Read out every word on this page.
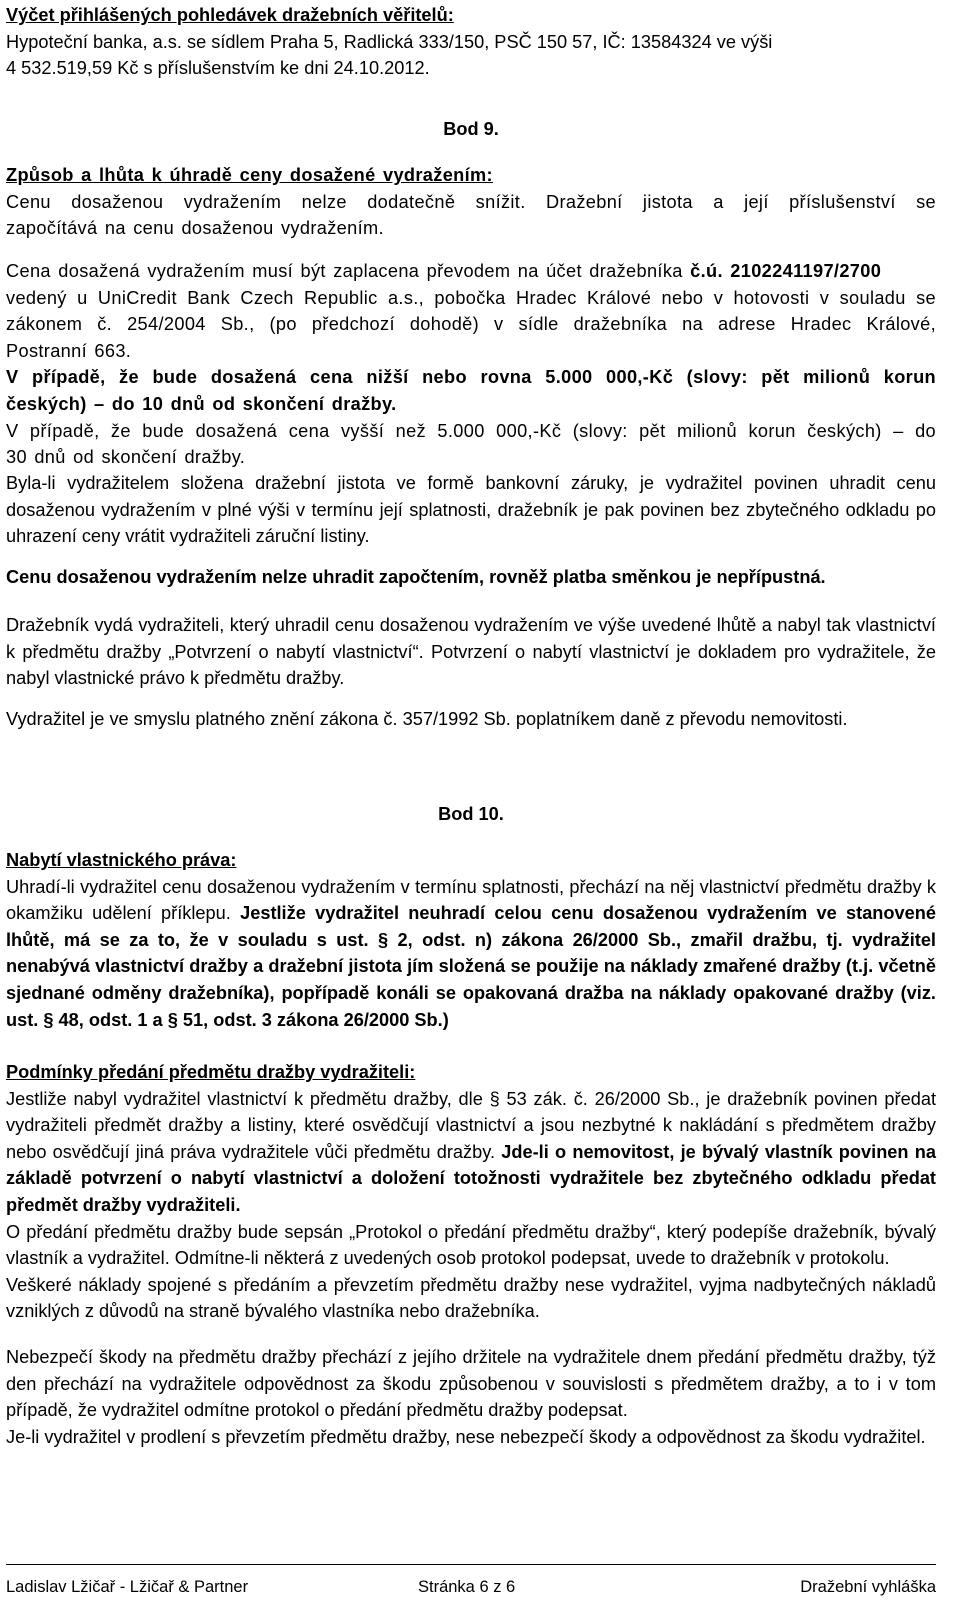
Výčet přihlášených pohledávek dražebních věřitelů:
Hypoteční banka, a.s. se sídlem Praha 5, Radlická 333/150, PSČ 150 57, IČ: 13584324 ve výši
4 532.519,59 Kč s příslušenstvím ke dni 24.10.2012.
Bod 9.
Způsob a lhůta k úhradě ceny dosažené vydražením:
Cenu dosaženou vydražením nelze dodatečně snížit. Dražební jistota a její příslušenství se
započítává na cenu dosaženou vydražením.
Cena dosažená vydražením musí být zaplacena převodem na účet dražebníka č.ú. 2102241197/2700
vedený u UniCredit Bank Czech Republic a.s., pobočka Hradec Králové nebo v hotovosti v souladu se
zákonem č. 254/2004 Sb., (po předchozí dohodě) v sídle dražebníka na adrese Hradec Králové,
Postranní 663.
V případě, že bude dosažená cena nižší nebo rovna 5.000 000,-Kč (slovy: pět milionů korun
českých) – do 10 dnů od skončení dražby.
V případě, že bude dosažená cena vyšší než 5.000 000,-Kč (slovy: pět milionů korun českých) – do
30 dnů od skončení dražby.
Byla-li vydražitelem složena dražební jistota ve formě bankovní záruky, je vydražitel povinen uhradit cenu dosaženou vydražením v plné výši v termínu její splatnosti, dražebník je pak povinen bez zbytečného odkladu po uhrazení ceny vrátit vydražiteli záruční listiny.
Cenu dosaženou vydražením nelze uhradit započtením, rovněž platba směnkou je nepřípustná.
Dražebník vydá vydražiteli, který uhradil cenu dosaženou vydražením ve výše uvedené lhůtě a nabyl tak vlastnictví k předmětu dražby „Potvrzení o nabytí vlastnictví“. Potvrzení o nabytí vlastnictví je dokladem pro vydražitele, že nabyl vlastnické právo k předmětu dražby.
Vydražitel je ve smyslu platného znění zákona č. 357/1992 Sb. poplatníkem daně z převodu nemovitosti.
Bod 10.
Nabytí vlastnického práva:
Uhradí-li vydražitel cenu dosaženou vydražením v termínu splatnosti, přechází na něj vlastnictví předmětu dražby k okamžiku udělení příklepu. Jestliže vydražitel neuhradí celou cenu dosaženou vydražením ve stanovené lhůtě, má se za to, že v souladu s ust. § 2, odst. n) zákona 26/2000 Sb., zmařil dražbu, tj. vydražitel nenabývá vlastnictví dražby a dražební jistota jím složená se použije na náklady zmařené dražby (t.j. včetně sjednané odměny dražebníka), popřípadě konáli se opakovaná dražba na náklady opakované dražby (viz. ust. § 48, odst. 1 a § 51, odst. 3 zákona 26/2000 Sb.)
Podmínky předání předmětu dražby vydražiteli:
Jestliže nabyl vydražitel vlastnictví k předmětu dražby, dle § 53 zák. č. 26/2000 Sb., je dražebník povinen předat vydražiteli předmět dražby a listiny, které osvědčují vlastnictví a jsou nezbytné k nakládání s předmětem dražby nebo osvědčují jiná práva vydražitele vůči předmětu dražby. Jde-li o nemovitost, je bývalý vlastník povinen na základě potvrzení o nabytí vlastnictví a doložení totožnosti vydražitele bez zbytečného odkladu předat předmět dražby vydražiteli.
O předání předmětu dražby bude sepsán „Protokol o předání předmětu dražby“, který podepíše dražebník, bývalý vlastník a vydražitel. Odmítne-li některá z uvedených osob protokol podepsat, uvede to dražebník v protokolu.
Veškeré náklady spojené s předáním a převzetím předmětu dražby nese vydražitel, vyjma nadbytečných nákladů vzniklých z důvodů na straně bývalého vlastníka nebo dražebníka.
Nebezpečí škody na předmětu dražby přechází z jejího držitele na vydražitele dnem předání předmětu dražby, týž den přechází na vydražitele odpovědnost za škodu způsobenou v souvislosti s předmětem dražby, a to i v tom případě, že vydražitel odmítne protokol o předání předmětu dražby podepsat.
Je-li vydražitel v prodlení s převzetím předmětu dražby, nese nebezpečí škody a odpovědnost za škodu vydražitel.
Ladislav Lžičař - Lžičař & Partner	Stránka 6 z 6	Dražební vyhláška
